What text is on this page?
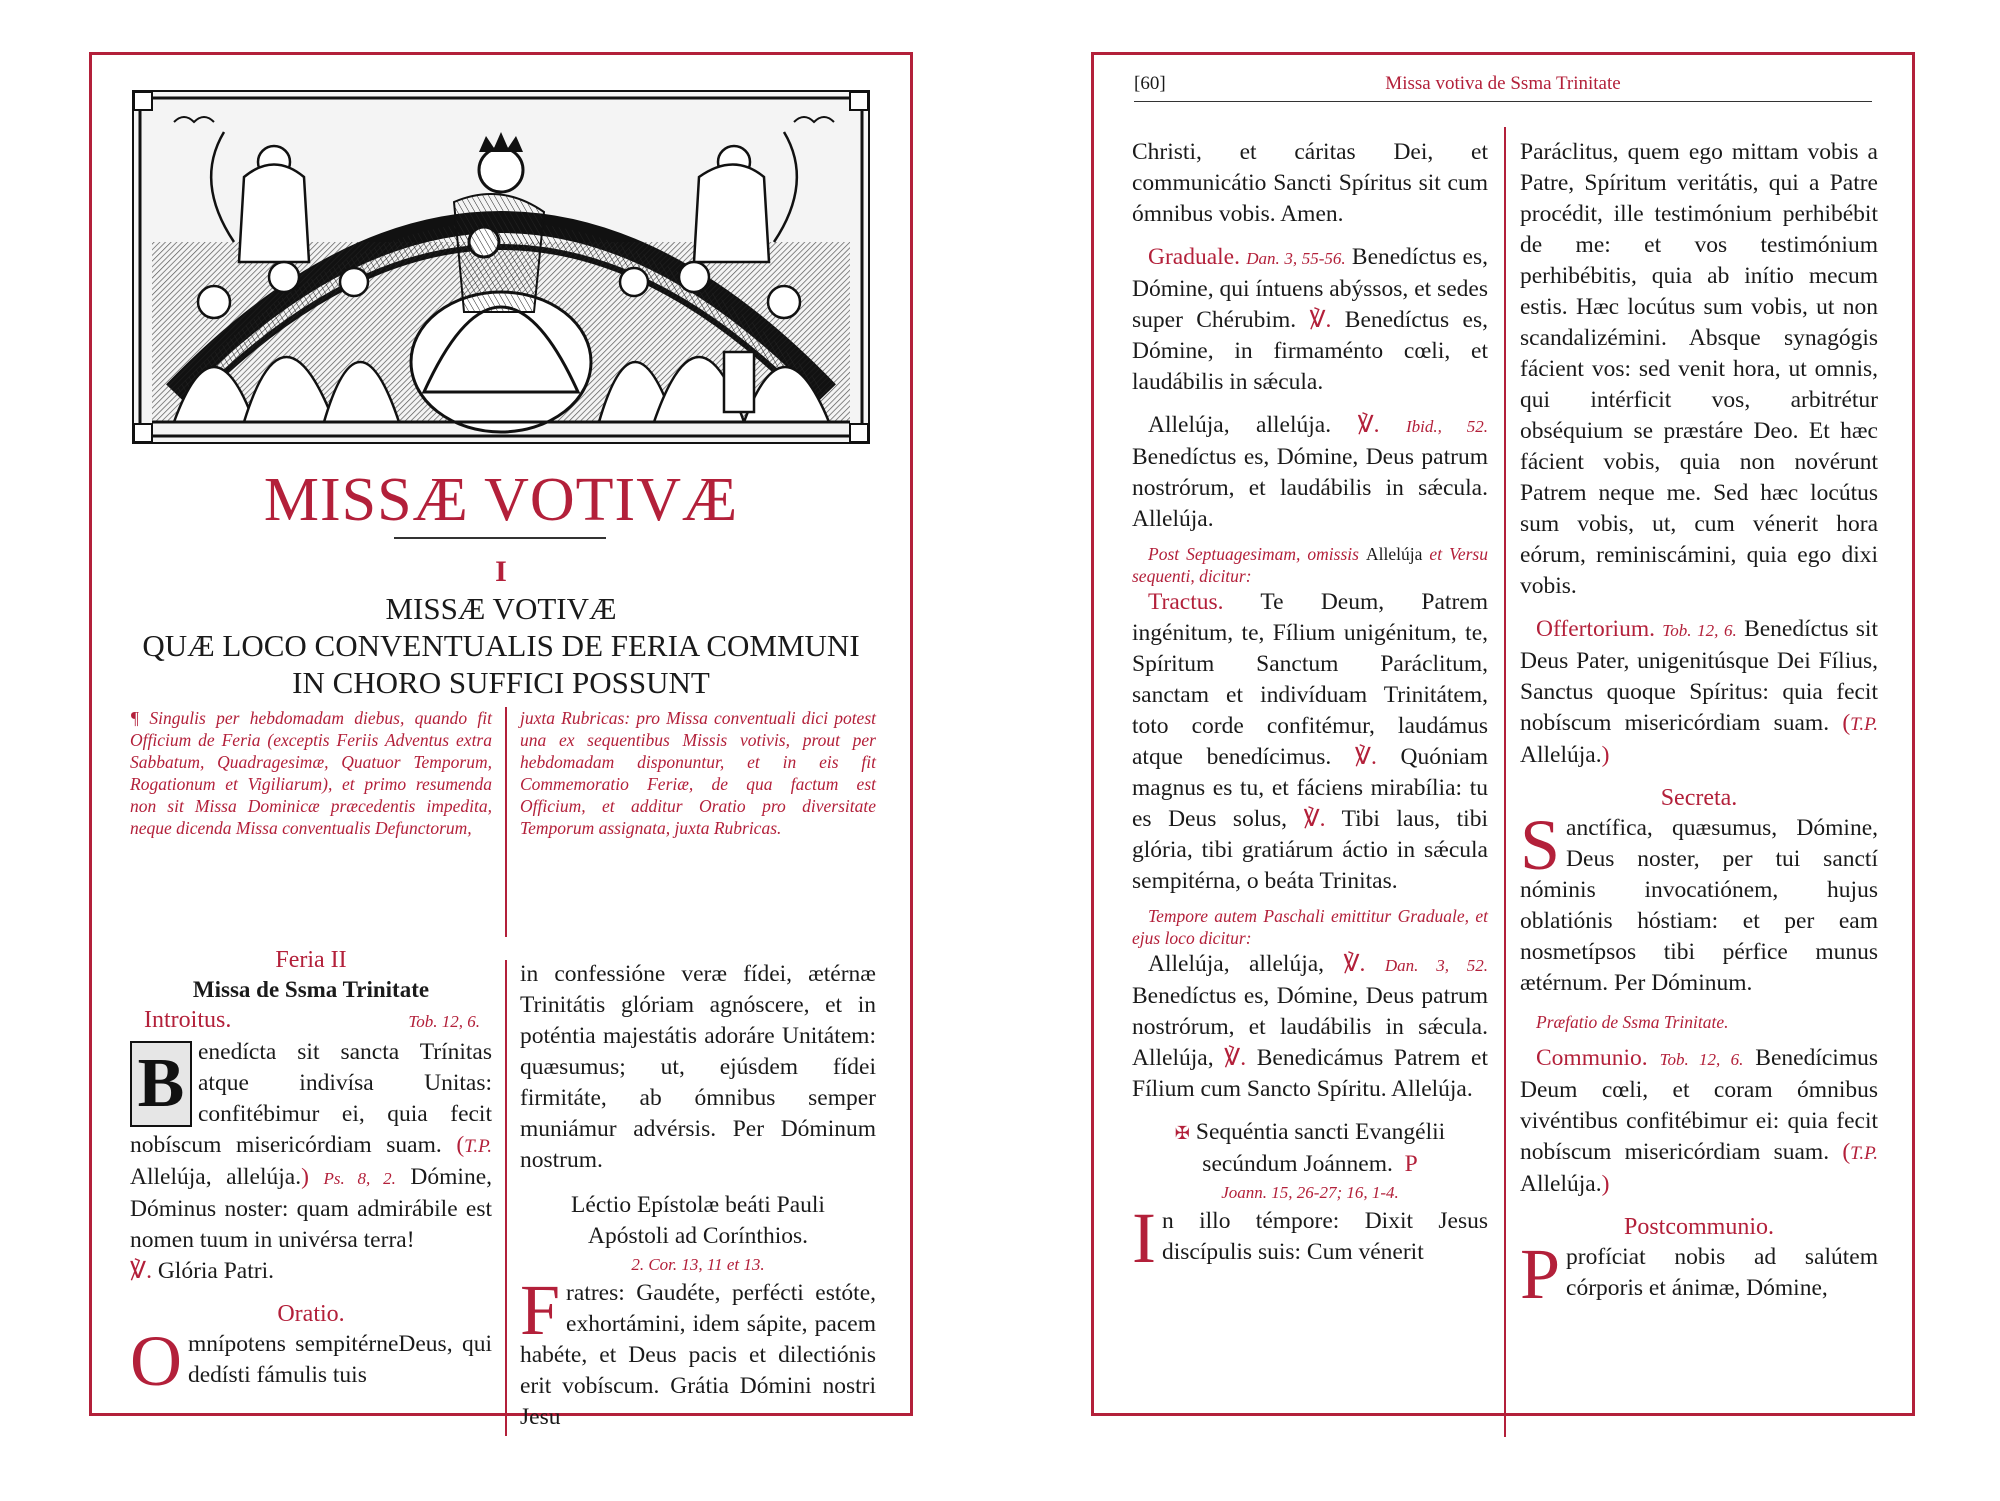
MISSÆ VOTIVÆ
I
MISSÆ VOTIVÆ
QUÆ LOCO CONVENTUALIS DE FERIA COMMUNI
IN CHORO SUFFICI POSSUNT
¶ Singulis per hebdomadam diebus, quando fit Officium de Feria (exceptis Feriis Adventus extra Sabbatum, Quadragesimæ, Quatuor Temporum, Rogationum et Vigiliarum), et primo resumenda non sit Missa Dominicæ præcedentis impedita, neque dicenda Missa conventualis Defunctorum,
juxta Rubricas: pro Missa conventuali dici potest una ex sequentibus Missis votivis, prout per hebdomadam disponuntur, et in eis fit Commemoratio Feriæ, de qua factum est Officium, et additur Oratio pro diversitate Temporum assignata, juxta Rubricas.
Feria II
Missa de Ssma Trinitate
Introitus.	Tob. 12, 6.

B enedícta sit sancta Trínitas atque indivísa Unitas: confitébimur ei, quia fecit nobíscum misericórdiam suam. (T.P. Allelúja, allelúja.) Ps. 8, 2. Dómine, Dóminus noster: quam admirábile est nomen tuum in univérsa terra!
℣. Glória Patri.

Oratio.

Omnípotens sempitérneDeus, qui dedísti fámulis tuis

in confessióne veræ fídei, ætérnæ Trinitátis glóriam agnóscere, et in poténtia majestátis adoráre Unitátem: quæsumus; ut, ejúsdem fídei firmitáte, ab ómnibus semper muniámur advérsis. Per Dóminum nostrum.

Léctio Epístolæ beáti Pauli
Apóstoli ad Corínthios.
2. Cor. 13, 11 et 13.

Fratres: Gaudéte, perfécti estóte, exhortámini, idem sápite, pacem habéte, et Deus pacis et dilectiónis erit vobíscum. Grátia Dómini nostri Jesu

[60]	Missa votiva de Ssma Trinitate

Christi, et cáritas Dei, et communicátio Sancti Spíritus sit cum ómnibus vobis. Amen.

Graduale. Dan. 3, 55-56. Benedíctus es, Dómine, qui íntuens abýssos, et sedes super Chérubim. ℣. Benedíctus es, Dómine, in firmaménto cœli, et laudábilis in sǽcula.

Allelúja, allelúja. ℣. Ibid., 52. Benedíctus es, Dómine, Deus patrum nostrórum, et laudábilis in sǽcula. Allelúja.

Post Septuagesimam, omissis Allelúja et Versu sequenti, dicitur:

Tractus. Te Deum, Patrem ingénitum, te, Fílium unigénitum, te, Spíritum Sanctum Paráclitum, sanctam et indivíduam Trinitátem, toto corde confitémur, laudámus atque benedícimus. ℣. Quóniam magnus es tu, et fáciens mirabília: tu es Deus solus, ℣. Tibi laus, tibi glória, tibi gratiárum áctio in sǽcula sempitérna, o beáta Trinitas.

Tempore autem Paschali emittitur Graduale, et ejus loco dicitur:

Allelúja, allelúja, ℣. Dan. 3, 52. Benedíctus es, Dómine, Deus patrum nostrórum, et laudábilis in sǽcula. Allelúja, ℣. Benedicámus Patrem et Fílium cum Sancto Spíritu. Allelúja.

✠ Sequéntia sancti Evangélii
secúndum Joánnem. P
Joann. 15, 26-27; 16, 1-4.

In illo témpore: Dixit Jesus discípulis suis: Cum vénerit

Paráclitus, quem ego mittam vobis a Patre, Spíritum veritátis, qui a Patre procédit, ille testimónium perhibébit de me: et vos testimónium perhibébitis, quia ab inítio mecum estis. Hæc locútus sum vobis, ut non scandalizémini. Absque synagógis fácient vos: sed venit hora, ut omnis, qui intérficit vos, arbitrétur obséquium se præstáre Deo. Et hæc fácient vobis, quia non novérunt Patrem neque me. Sed hæc locútus sum vobis, ut, cum vénerit hora eórum, reminiscámini, quia ego dixi vobis.

Offertorium. Tob. 12, 6. Benedíctus sit Deus Pater, unigenitúsque Dei Fílius, Sanctus quoque Spíritus: quia fecit nobíscum misericórdiam suam. (T.P. Allelúja.)

Secreta.

Sanctífica, quæsumus, Dómine, Deus noster, per tui sanctí nóminis invocatiónem, hujus oblatiónis hóstiam: et per eam nosmetípsos tibi pérfice munus ætérnum. Per Dóminum.

Præfatio de Ssma Trinitate.

Communio. Tob. 12, 6. Benedícimus Deum cœli, et coram ómnibus vivéntibus confitébimur ei: quia fecit nobíscum misericórdiam suam. (T.P. Allelúja.)

Postcommunio.

Pprofíciat nobis ad salútem córporis et ánimæ, Dómine,
